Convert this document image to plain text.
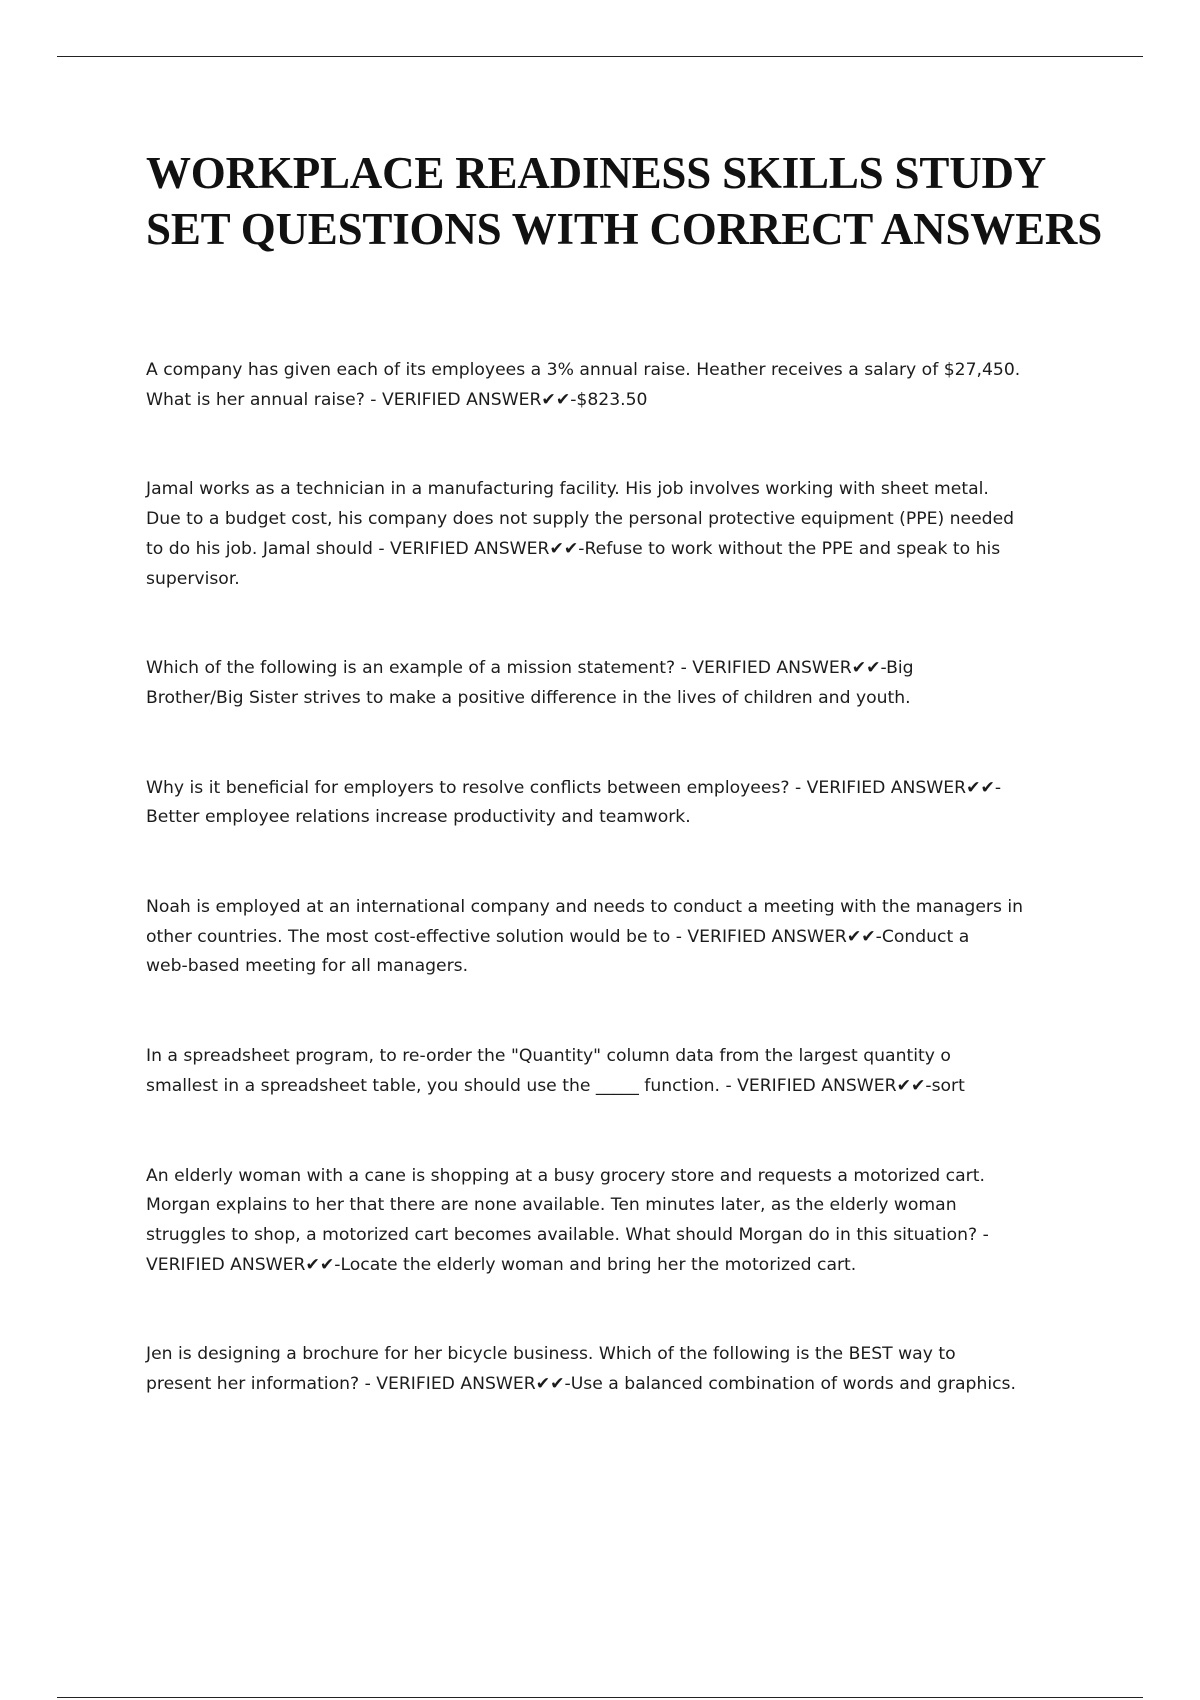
WORKPLACE READINESS SKILLS STUDY SET QUESTIONS WITH CORRECT ANSWERS

A company has given each of its employees a 3% annual raise. Heather receives a salary of $27,450.
What is her annual raise? - VERIFIED ANSWER✔✔-$823.50

Jamal works as a technician in a manufacturing facility. His job involves working with sheet metal.
Due to a budget cost, his company does not supply the personal protective equipment (PPE) needed
to do his job. Jamal should - VERIFIED ANSWER✔✔-Refuse to work without the PPE and speak to his
supervisor.

Which of the following is an example of a mission statement? - VERIFIED ANSWER✔✔-Big
Brother/Big Sister strives to make a positive difference in the lives of children and youth.

Why is it beneficial for employers to resolve conflicts between employees? - VERIFIED ANSWER✔✔-
Better employee relations increase productivity and teamwork.

Noah is employed at an international company and needs to conduct a meeting with the managers in
other countries. The most cost-effective solution would be to - VERIFIED ANSWER✔✔-Conduct a
web-based meeting for all managers.

In a spreadsheet program, to re-order the "Quantity" column data from the largest quantity o
smallest in a spreadsheet table, you should use the _____ function. - VERIFIED ANSWER✔✔-sort

An elderly woman with a cane is shopping at a busy grocery store and requests a motorized cart.
Morgan explains to her that there are none available. Ten minutes later, as the elderly woman
struggles to shop, a motorized cart becomes available. What should Morgan do in this situation? -
VERIFIED ANSWER✔✔-Locate the elderly woman and bring her the motorized cart.

Jen is designing a brochure for her bicycle business. Which of the following is the BEST way to
present her information? - VERIFIED ANSWER✔✔-Use a balanced combination of words and graphics.
